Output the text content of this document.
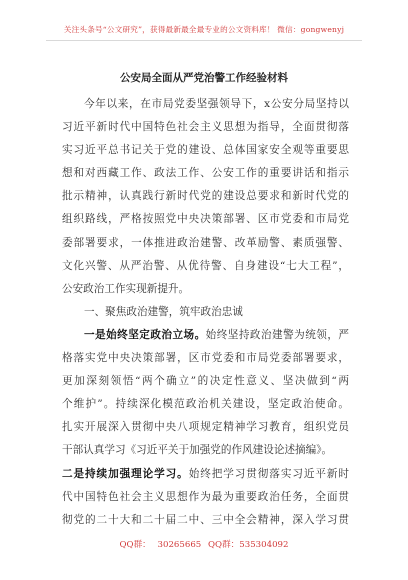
关注头条号“公文研究”，获得最新最全最专业的公文资料库！ 微信：gongwenyj
公安局全面从严党治警工作经验材料
今年以来，在市局党委坚强领导下，x公安分局坚持以
习近平新时代中国特色社会主义思想为指导，全面贯彻落
实习近平总书记关于党的建设、总体国家安全观等重要思
想和对西藏工作、政法工作、公安工作的重要讲话和指示
批示精神，认真践行新时代党的建设总要求和新时代党的
组织路线，严格按照党中央决策部署、区市党委和市局党
委部署要求，一体推进政治建警、改革励警、素质强警、
文化兴警、从严治警、从优待警、自身建设“七大工程”，
公安政治工作实现新提升。
一、聚焦政治建警，筑牢政治忠诚
一是始终坚定政治立场。始终坚持政治建警为统领，严
格落实党中央决策部署，区市党委和市局党委部署要求，
更加深刻领悟“两个确立”的决定性意义、坚决做到“两
个维护”。持续深化模范政治机关建设，坚定政治使命。
扎实开展深入贯彻中央八项规定精神学习教育，组织党员
干部认真学习《习近平关于加强党的作风建设论述摘编》。
二是持续加强理论学习。始终把学习贯彻落实习近平新时
代中国特色社会主义思想作为最为重要政治任务，全面贯
彻党的二十大和二十届二中、三中全会精神，深入学习贯
QQ群： 30265665 QQ群：535304092
